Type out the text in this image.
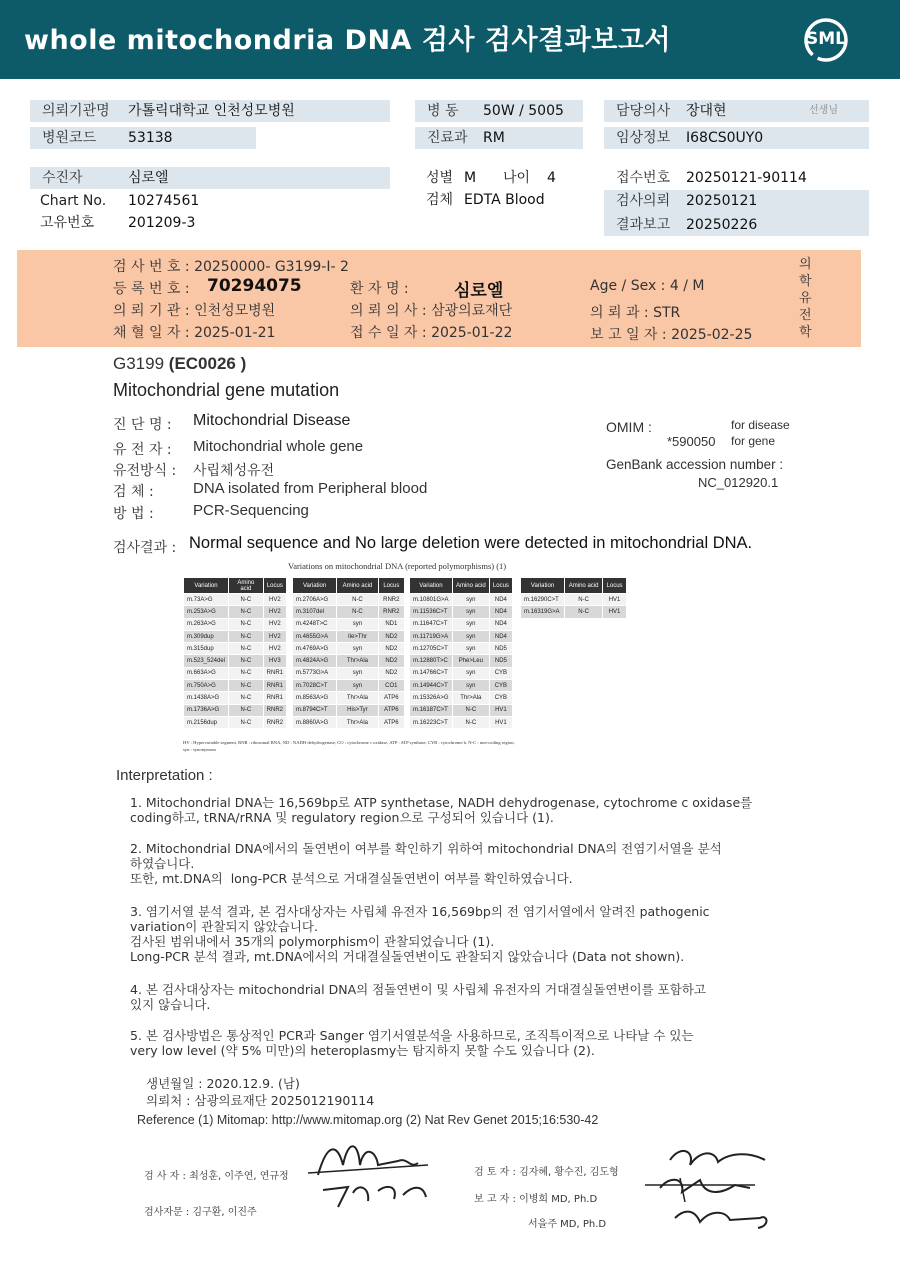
whole mitochondria DNA 검사 검사결과보고서	SML
의뢰기관명 가톨릭대학교 인천성모병원	병 동 50W / 5005	담당의사 장대현	선생님
병원코드 53138	진료과 RM	임상정보 I68CS0UY0
수진자	심로엘	성별 M 나이 4	접수번호 20250121-90114
Chart No. 10274561	검체 EDTA Blood	검사의뢰 20250121
결과보고 20250226
고유번호 201209-3
검 사 번 호 : 20250000- G3199-I- 2
등 록 번 호 : 70294075	환 자 명 :	심로엘	Age / Sex : 4 / M
의 뢰 기 관 : 인천성모병원	의 뢰 의 사 : 삼광의료재단	의 뢰 과 : STR
채 혈 일 자 : 2025-01-21	접 수 일 자 : 2025-01-22	보 고 일 자 : 2025-02-25
의학유전학
G3199 (EC0026 )
Mitochondrial gene mutation
진 단 명 : Mitochondrial Disease
유 전 자 : Mitochondrial whole gene
유전방식 : 사립체성유전
검 체 :	DNA isolated from Peripheral blood
방 법 :	PCR-Sequencing
OMIM :	for disease
*590050 for gene
GenBank accession number :
NC_012920.1
검사결과 : Normal sequence and No large deletion were detected in mitochondrial DNA.
Variations on mitochondrial DNA (reported polymorphisms) (1)
Variation	Amino acid	Locus
m.73A>G	N-C	HV2
m.253A>G	N-C	HV2
m.263A>G	N-C	HV2
m.309dup	N-C	HV2
m.315dup	N-C	HV2
m.523_524del	N-C	HV3
m.663A>G	N-C	RNR1
m.750A>G	N-C	RNR1
m.1438A>G	N-C	RNR1
m.1736A>G	N-C	RNR2
m.2156dup	N-C	RNR2
Variation	Amino acid	Locus
m.2706A>G	N-C	RNR2
m.3107del	N-C	RNR2
m.4248T>C	syn	ND1
m.4655G>A	Ile>Thr	ND2
m.4769A>G	syn	ND2
m.4824A>G	Thr>Ala	ND2
m.5773G>A	syn	ND2
m.7028C>T	syn	CO1
m.8563A>G	Thr>Ala	ATP6
m.8794C>T	His>Tyr	ATP6
m.8860A>G	Thr>Ala	ATP6
Variation	Amino acid	Locus
m.10801G>A	syn	ND4
m.11536C>T	syn	ND4
m.11647C>T	syn	ND4
m.11719G>A	syn	ND4
m.12705C>T	syn	ND5
m.12880T>C	Phe>Leu	ND5
m.14766C>T	syn	CYB
m.14944C>T	syn	CYB
m.15326A>G	Thr>Ala	CYB
m.16187C>T	N-C	HV1
m.16223C>T	N-C	HV1
Variation	Amino acid	Locus
m.16290C>T	N-C	HV1
m.16319G>A	N-C	HV1
HV : Hypervariable segment, RNR : ribosomal RNA, ND : NADH dehydrogenase, CO : cytochrome c oxidase, ATP : ATP synthase, CYB : cytochrome b, N-C : non-coding region,
syn : synonymous
Interpretation :
1. Mitochondrial DNA는 16,569bp로 ATP synthetase, NADH dehydrogenase, cytochrome c oxidase를
coding하고, tRNA/rRNA 및 regulatory region으로 구성되어 있습니다 (1).
2. Mitochondrial DNA에서의 돌연변이 여부를 확인하기 위하여 mitochondrial DNA의 전염기서열을 분석
하였습니다.
또한, mt.DNA의  long-PCR 분석으로 거대결실돌연변이 여부를 확인하였습니다.
3. 염기서열 분석 결과, 본 검사대상자는 사립체 유전자 16,569bp의 전 염기서열에서 알려진 pathogenic
variation이 관찰되지 않았습니다.
검사된 범위내에서 35개의 polymorphism이 관찰되었습니다 (1).
Long-PCR 분석 결과, mt.DNA에서의 거대결실돌연변이도 관찰되지 않았습니다 (Data not shown).
4. 본 검사대상자는 mitochondrial DNA의 점돌연변이 및 사립체 유전자의 거대결실돌연변이를 포함하고
있지 않습니다.
5. 본 검사방법은 통상적인 PCR과 Sanger 염기서열분석을 사용하므로, 조직특이적으로 나타날 수 있는
very low level (약 5% 미만)의 heteroplasmy는 탐지하지 못할 수도 있습니다 (2).
생년월일 : 2020.12.9. (남)
의뢰처 : 삼광의료재단 2025012190114
Reference (1) Mitomap: http://www.mitomap.org (2) Nat Rev Genet 2015;16:530-42
검 사 자 : 최성훈, 이주연, 연규정
검사자문 : 김구환, 이진주
검 토 자 : 김자혜, 황수진, 김도형
보 고 자 : 이병희 MD, Ph.D
서을주 MD, Ph.D
